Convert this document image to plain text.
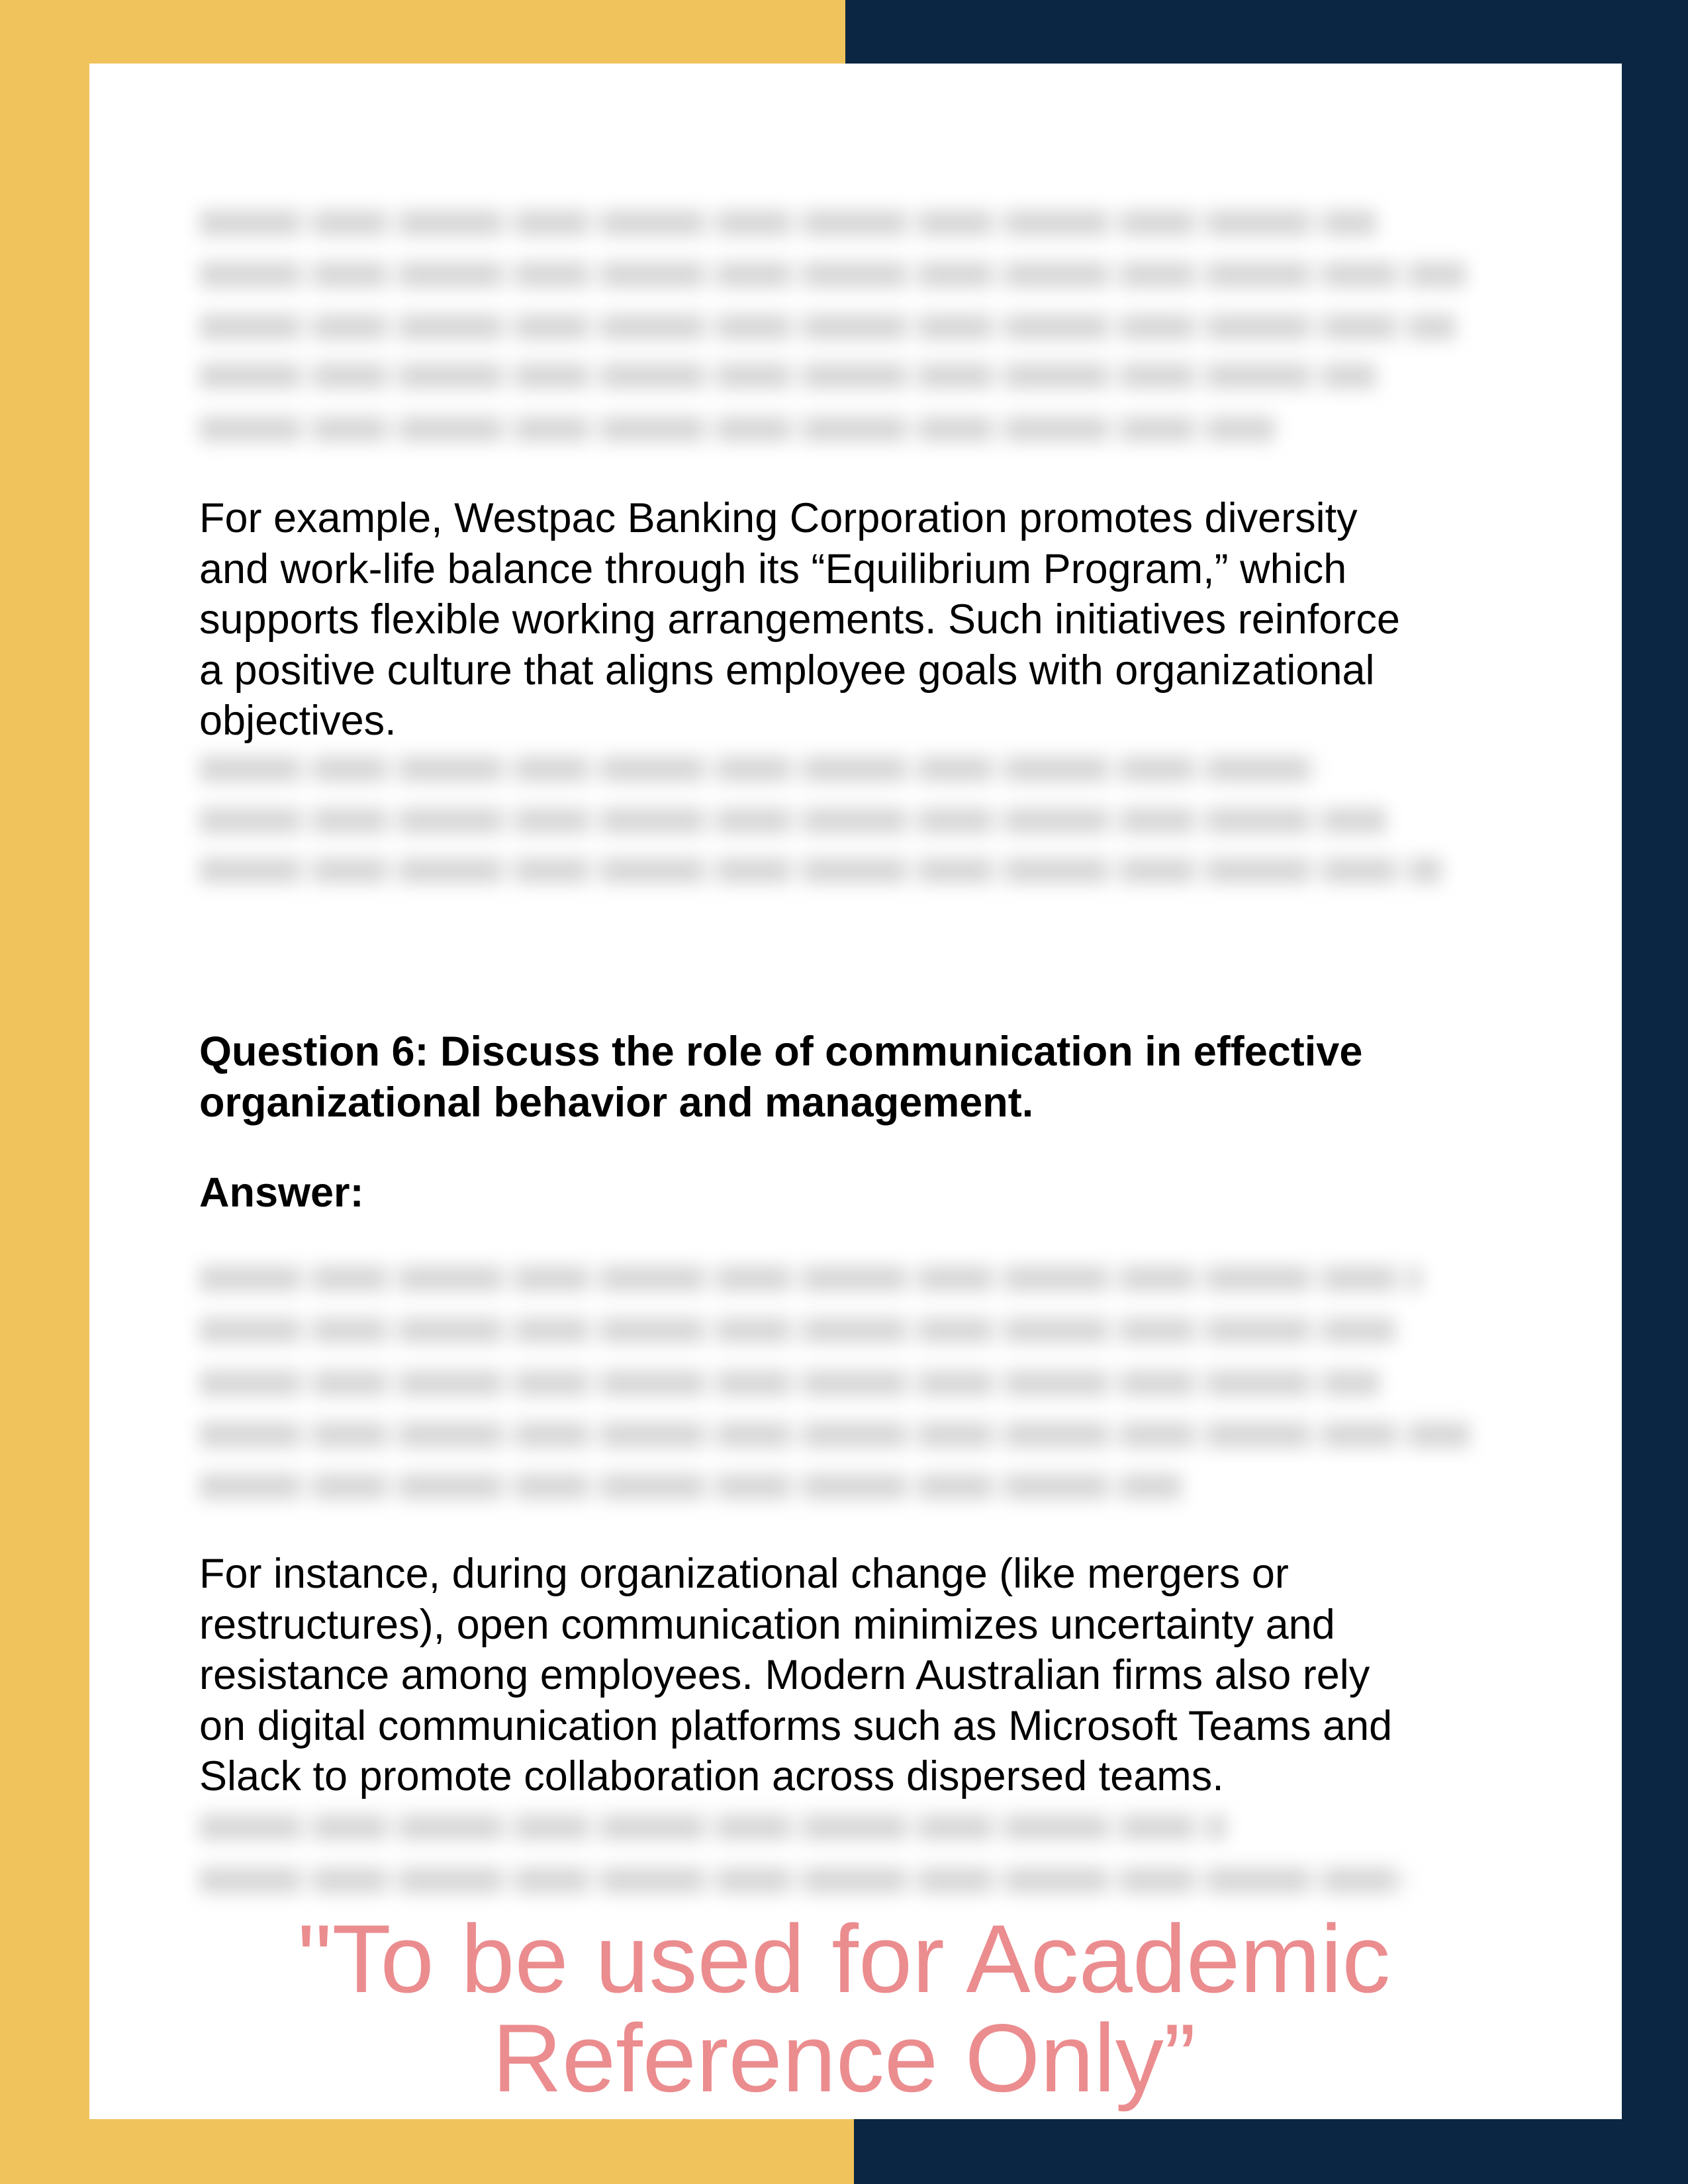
For example, Westpac Banking Corporation promotes diversity
and work-life balance through its “Equilibrium Program,” which
supports flexible working arrangements. Such initiatives reinforce
a positive culture that aligns employee goals with organizational
objectives.
Question 6: Discuss the role of communication in effective
organizational behavior and management.
Answer:
For instance, during organizational change (like mergers or
restructures), open communication minimizes uncertainty and
resistance among employees. Modern Australian firms also rely
on digital communication platforms such as Microsoft Teams and
Slack to promote collaboration across dispersed teams.
"To be used for Academic Reference Only”
